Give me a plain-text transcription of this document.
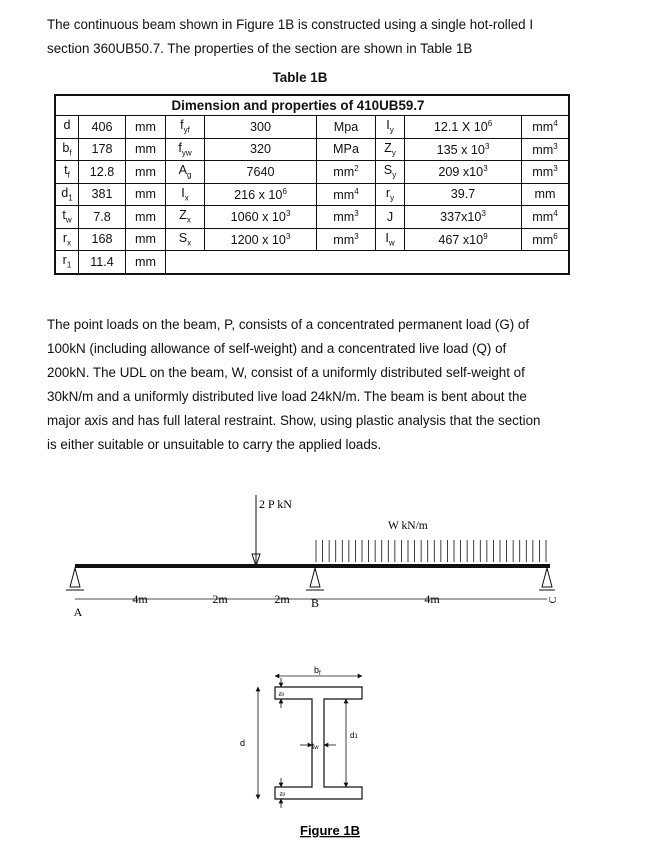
The continuous beam shown in Figure 1B is constructed using a single hot-rolled I
section 360UB50.7. The properties of the section are shown in Table 1B
Table 1B
			Dimension and properties of 410UB59.7					
d	406	mm	$f_{yf}$	300	Mpa	$I_y$	12.1 X $10^6$	$mm^4$
$b_f$	178	mm	$f_{yw}$	320	MPa	$Z_y$	135 x $10^3$	$mm^3$
$t_f$	12.8	mm	$A_g$	7640	$mm^2$	$S_y$	209 $x10^3$	$mm^3$
$d_1$	381	mm	$I_x$	216 x $10^6$	$mm^4$	$r_y$	39.7	mm
$t_w$	7.8	mm	$Z_x$	1060 x $10^3$	$mm^3$	J	$337x10^3$	$mm^4$
$r_x$	168	mm	$S_x$	1200 x $10^3$	$mm^3$	$I_w$	467 $x10^9$	$mm^6$
$r_1$	11.4	mm						

The point loads on the beam, P, consists of a concentrated permanent load (G) of

100kN (including allowance of self-weight) and a concentrated live load (Q) of

200kN. The UDL on the beam, W, consist of a uniformly distributed self-weight of

30kN/m and a uniformly distributed live load 24kN/m. The beam is bent about the

major axis and has full lateral restraint. Show, using plastic analysis that the section

is either suitable or unsuitable to carry the applied loads.

2 P kN
W kN/m
A
B	C
4m	2m	2m	4m
$b_f$
d
tf
tf
tw
d1
Figure 1B
